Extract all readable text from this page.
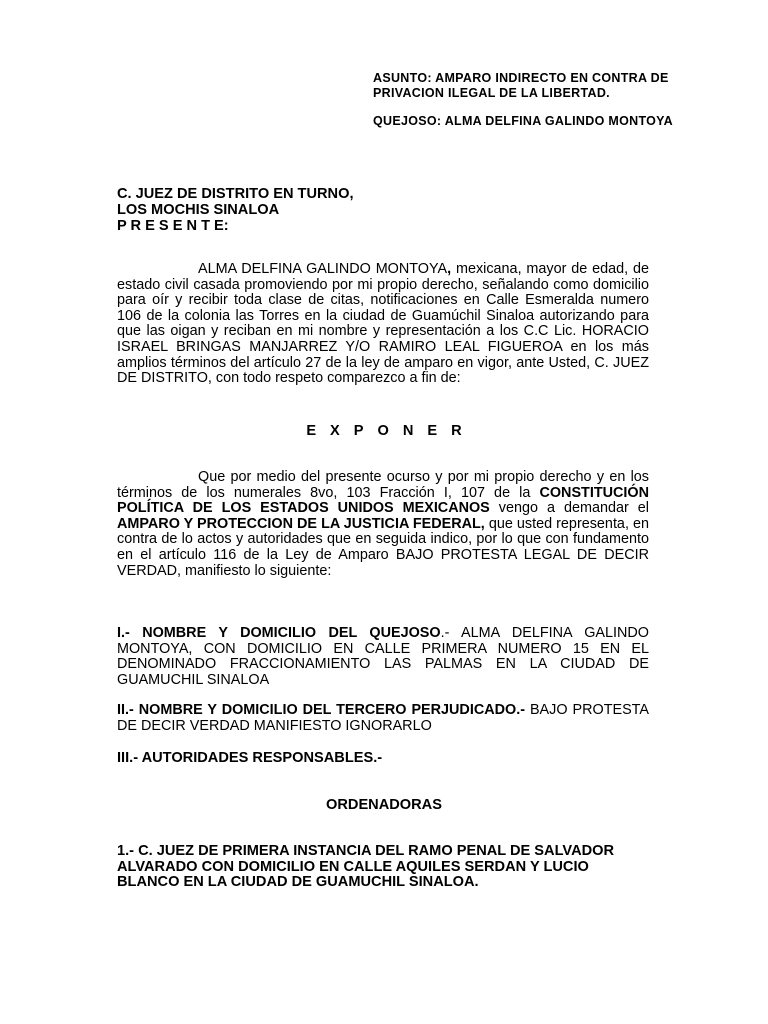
ASUNTO: AMPARO INDIRECTO EN CONTRA DE PRIVACION ILEGAL DE LA LIBERTAD.

QUEJOSO: ALMA DELFINA GALINDO MONTOYA

C. JUEZ DE DISTRITO EN TURNO,
LOS MOCHIS SINALOA
P R E S E N T E:
ALMA DELFINA GALINDO MONTOYA, mexicana, mayor de edad, de estado civil casada promoviendo por mi propio derecho, señalando como domicilio para oír y recibir toda clase de citas, notificaciones en Calle Esmeralda numero 106 de la colonia las Torres en la ciudad de Guamúchil Sinaloa autorizando para que las oigan y reciban en mi nombre y representación a los C.C Lic. HORACIO ISRAEL BRINGAS MANJARREZ Y/O RAMIRO LEAL FIGUEROA en los más amplios términos del artículo 27 de la ley de amparo en vigor, ante Usted, C. JUEZ DE DISTRITO, con todo respeto comparezco a fin de:
EXPONER
Que por medio del presente ocurso y por mi propio derecho y en los términos de los numerales 8vo, 103 Fracción I, 107 de la CONSTITUCIÓN POLÍTICA DE LOS ESTADOS UNIDOS MEXICANOS vengo a demandar el AMPARO Y PROTECCION DE LA JUSTICIA FEDERAL, que usted representa, en contra de lo actos y autoridades que en seguida indico, por lo que con fundamento en el artículo 116 de la Ley de Amparo BAJO PROTESTA LEGAL DE DECIR VERDAD, manifiesto lo siguiente:
I.- NOMBRE Y DOMICILIO DEL QUEJOSO.- ALMA DELFINA GALINDO MONTOYA, CON DOMICILIO EN CALLE PRIMERA NUMERO 15 EN EL DENOMINADO FRACCIONAMIENTO LAS PALMAS EN LA CIUDAD DE GUAMUCHIL SINALOA
II.- NOMBRE Y DOMICILIO DEL TERCERO PERJUDICADO.- BAJO PROTESTA DE DECIR VERDAD MANIFIESTO IGNORARLO
III.- AUTORIDADES RESPONSABLES.-
ORDENADORAS
1.- C. JUEZ DE PRIMERA INSTANCIA DEL RAMO PENAL DE SALVADOR ALVARADO CON DOMICILIO EN CALLE AQUILES SERDAN Y LUCIO BLANCO EN LA CIUDAD DE GUAMUCHIL SINALOA.
